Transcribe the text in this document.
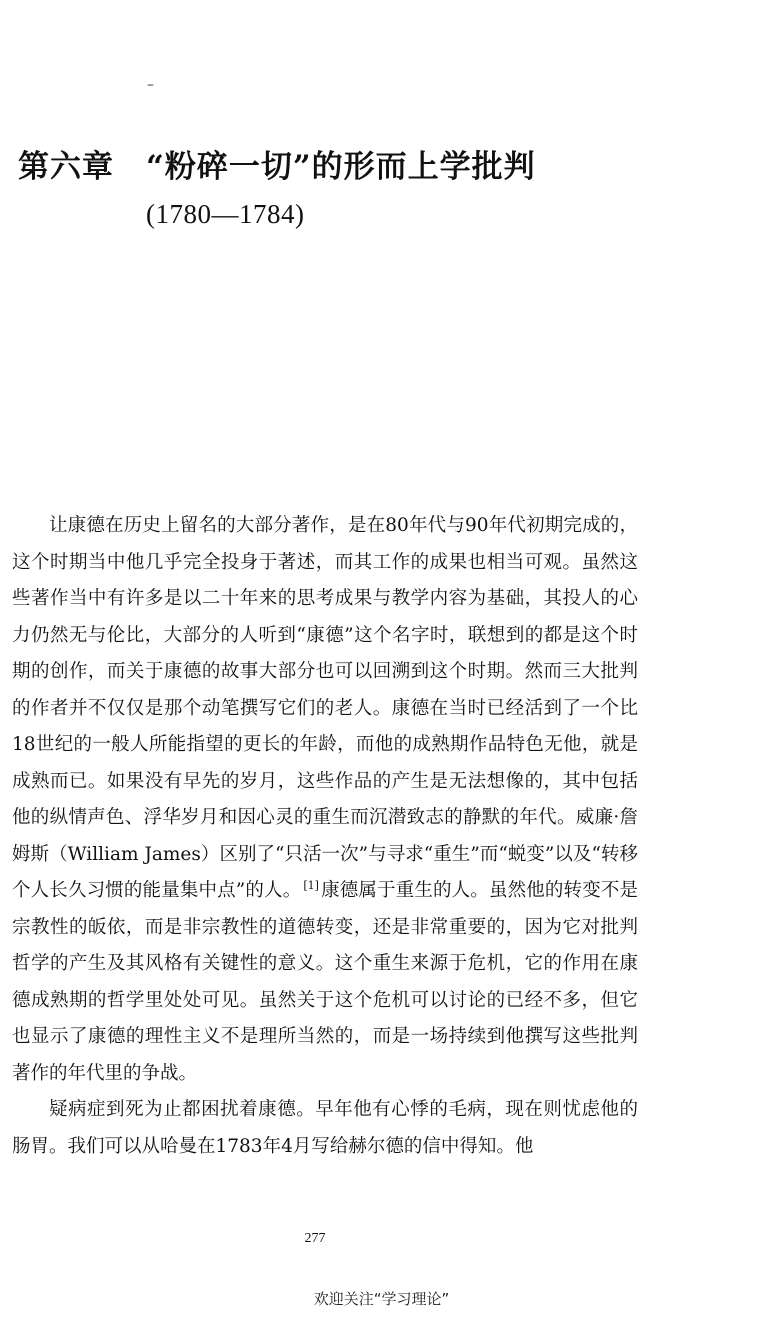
–
第六章 “粉碎一切”的形而上学批判
(1780—1784)

让康德在历史上留名的大部分著作，是在80年代与90年代初期完成的，这个时期当中他几乎完全投身于著述，而其工作的成果也相当可观。虽然这些著作当中有许多是以二十年来的思考成果与教学内容为基础，其投人的心力仍然无与伦比，大部分的人听到“康德”这个名字时，联想到的都是这个时期的创作，而关于康德的故事大部分也可以回溯到这个时期。然而三大批判的作者并不仅仅是那个动笔撰写它们的老人。康德在当时已经活到了一个比18世纪的一般人所能指望的更长的年龄，而他的成熟期作品特色无他，就是成熟而已。如果没有早先的岁月，这些作品的产生是无法想像的，其中包括他的纵情声色、浮华岁月和因心灵的重生而沉潜致志的静默的年代。威廉·詹姆斯（William James）区别了“只活一次”与寻求“重生”而“蜕变”以及“转移个人长久习惯的能量集中点”的人。 [1] 康德属于重生的人。虽然他的转变不是宗教性的皈依，而是非宗教性的道德转变，还是非常重要的，因为它对批判哲学的产生及其风格有关键性的意义。这个重生来源于危机，它的作用在康德成熟期的哲学里处处可见。虽然关于这个危机可以讨论的已经不多，但它也显示了康德的理性主义不是理所当然的，而是一场持续到他撰写这些批判著作的年代里的争战。

疑病症到死为止都困扰着康德。早年他有心悸的毛病，现在则忧虑他的肠胃。我们可以从哈曼在1783年4月写给赫尔德的信中得知。他

277
欢迎关注“学习理论”
